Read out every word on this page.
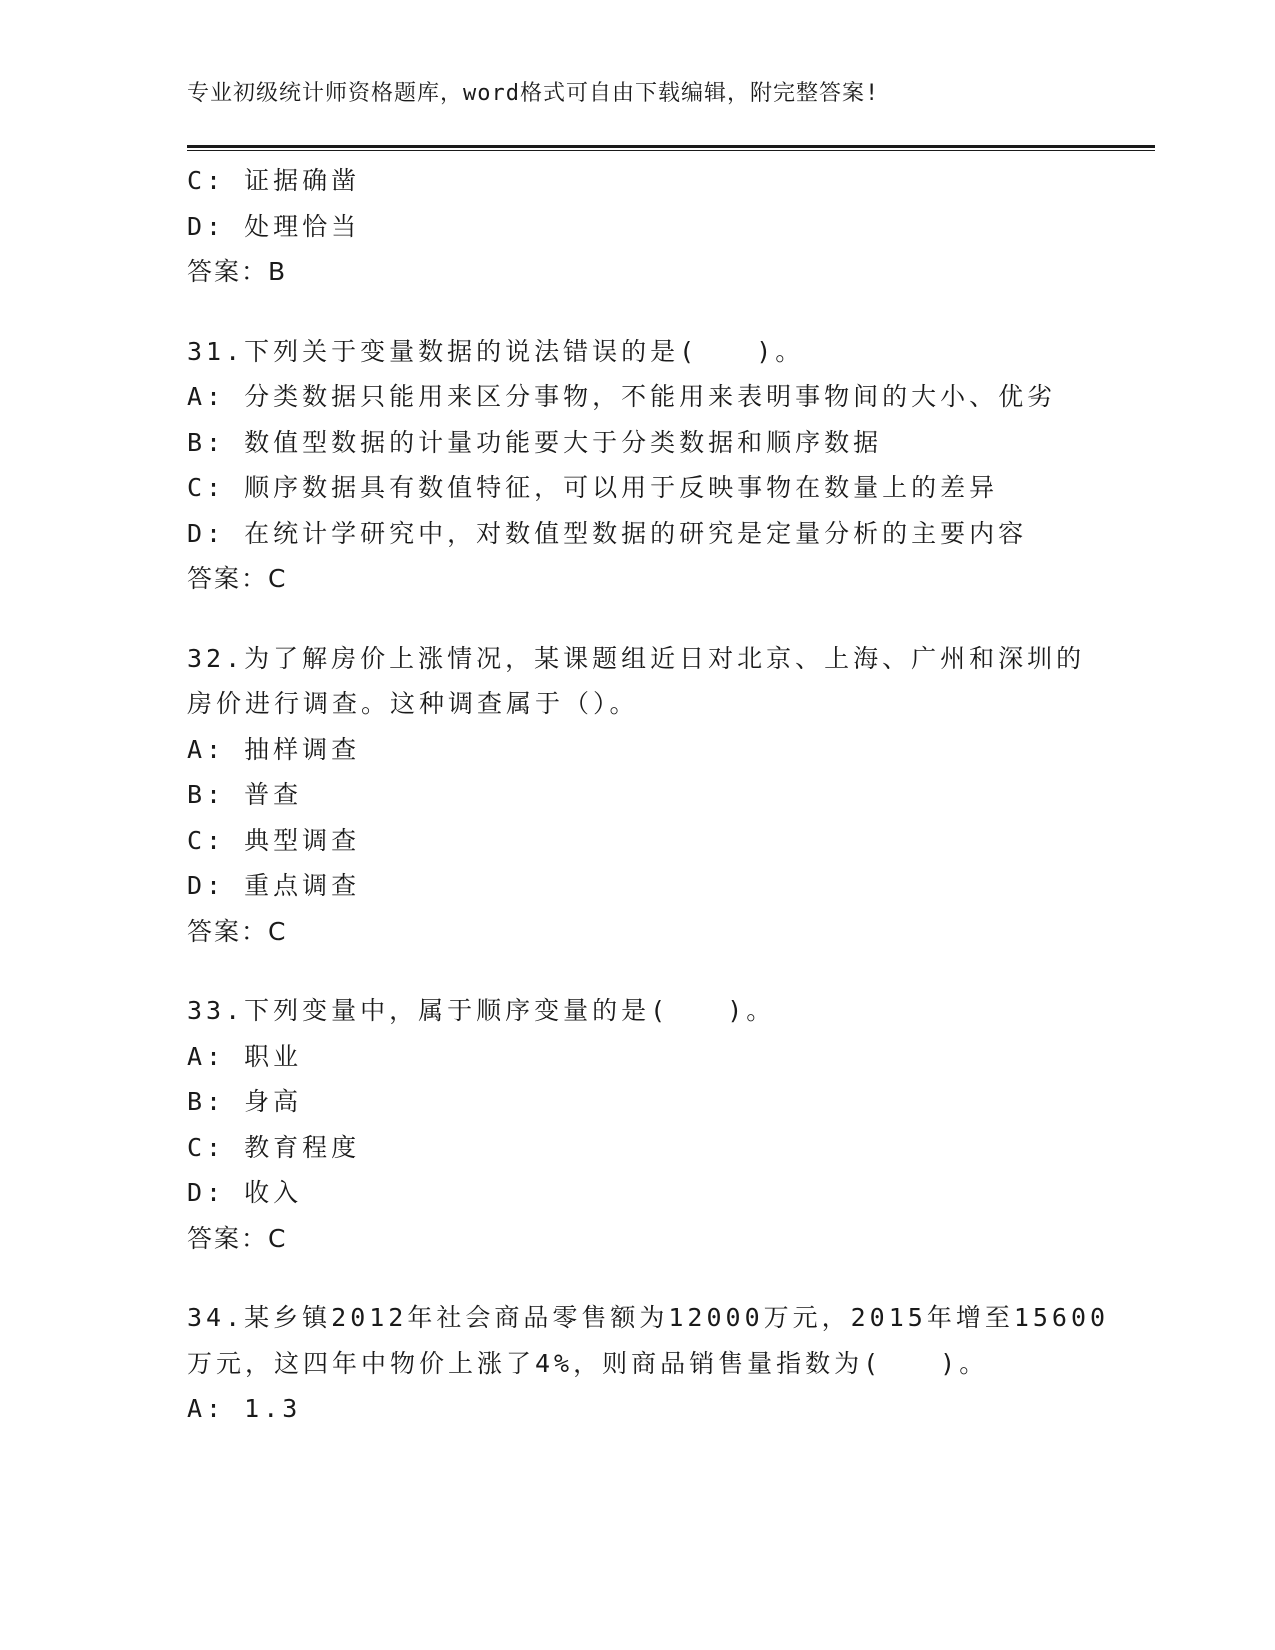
专业初级统计师资格题库，word格式可自由下载编辑，附完整答案!
C: 证据确凿
D: 处理恰当
答案：B
31.下列关于变量数据的说法错误的是(　　)。
A: 分类数据只能用来区分事物，不能用来表明事物间的大小、优劣
B: 数值型数据的计量功能要大于分类数据和顺序数据
C: 顺序数据具有数值特征，可以用于反映事物在数量上的差异
D: 在统计学研究中，对数值型数据的研究是定量分析的主要内容
答案：C
32.为了解房价上涨情况，某课题组近日对北京、上海、广州和深圳的
房价进行调查。这种调查属于（）。
A: 抽样调查
B: 普查
C: 典型调查
D: 重点调查
答案：C
33.下列变量中，属于顺序变量的是(　　)。
A: 职业
B: 身高
C: 教育程度
D: 收入
答案：C
34.某乡镇2012年社会商品零售额为12000万元，2015年增至15600
万元，这四年中物价上涨了4%，则商品销售量指数为(　　)。
A: 1.3
